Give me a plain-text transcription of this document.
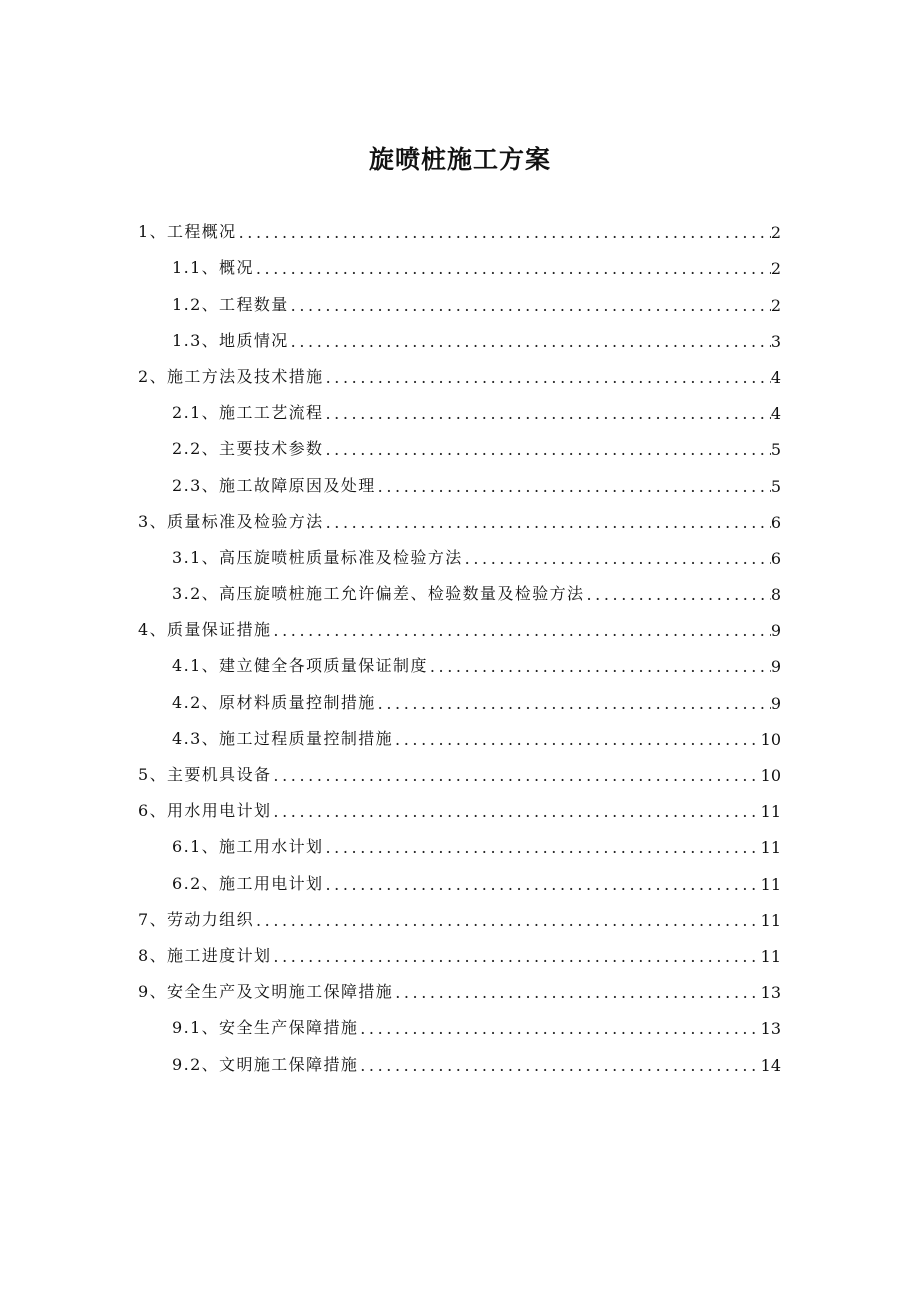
旋喷桩施工方案
1、工程概况 .....	2
1.1、概况 .....	2
1.2、工程数量 .....	2
1.3、地质情况 .....	3
2、施工方法及技术措施 .....	4
2.1、施工工艺流程 .....	4
2.2、主要技术参数 .....	5
2.3、施工故障原因及处理 .....	5
3、质量标准及检验方法 .....	6
3.1、高压旋喷桩质量标准及检验方法 .....	6
3.2、高压旋喷桩施工允许偏差、检验数量及检验方法 .....	8
4、质量保证措施 .....	9
4.1、建立健全各项质量保证制度 .....	9
4.2、原材料质量控制措施 .....	9
4.3、施工过程质量控制措施 .....	10
5、主要机具设备 .....	10
6、用水用电计划 .....	11
6.1、施工用水计划 .....	11
6.2、施工用电计划 .....	11
7、劳动力组织 .....	11
8、施工进度计划 .....	11
9、安全生产及文明施工保障措施 .....	13
9.1、安全生产保障措施 .....	13
9.2、文明施工保障措施 .....	14
